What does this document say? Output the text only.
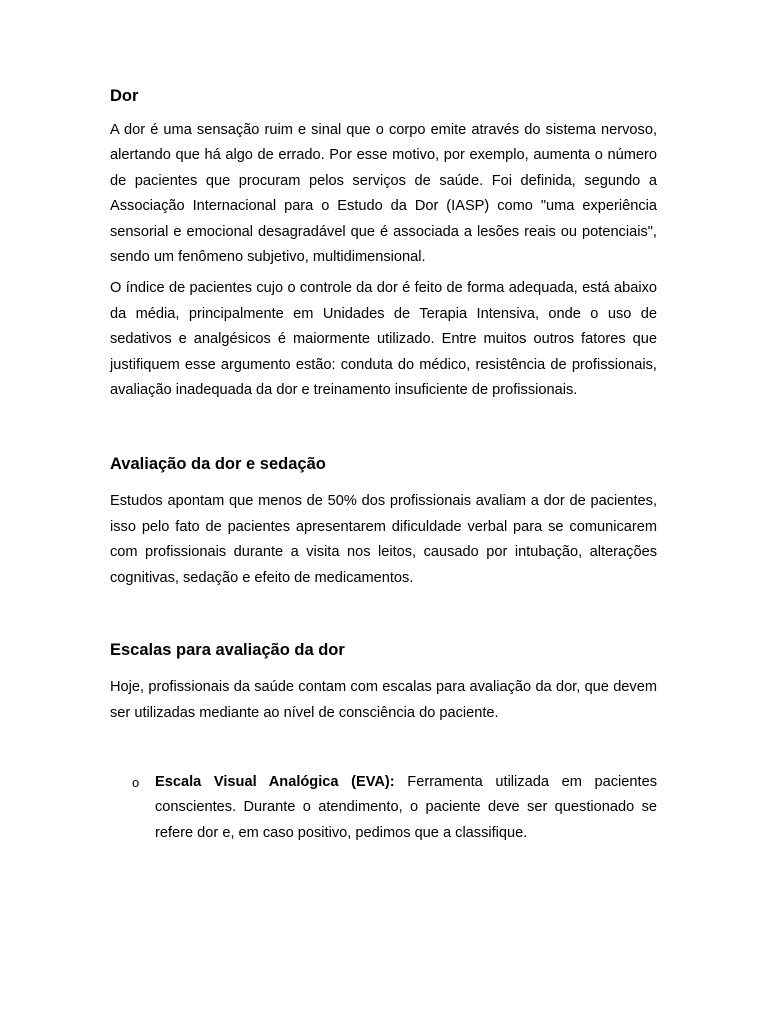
Dor

A dor é uma sensação ruim e sinal que o corpo emite através do sistema nervoso, alertando que há algo de errado. Por esse motivo, por exemplo, aumenta o número de pacientes que procuram pelos serviços de saúde. Foi definida, segundo a Associação Internacional para o Estudo da Dor (IASP) como "uma experiência sensorial e emocional desagradável que é associada a lesões reais ou potenciais", sendo um fenômeno subjetivo, multidimensional.

O índice de pacientes cujo o controle da dor é feito de forma adequada, está abaixo da média, principalmente em Unidades de Terapia Intensiva, onde o uso de sedativos e analgésicos é maiormente utilizado. Entre muitos outros fatores que justifiquem esse argumento estão: conduta do médico, resistência de profissionais, avaliação inadequada da dor e treinamento insuficiente de profissionais.

Avaliação da dor e sedação

Estudos apontam que menos de 50% dos profissionais avaliam a dor de pacientes, isso pelo fato de pacientes apresentarem dificuldade verbal para se comunicarem com profissionais durante a visita nos leitos, causado por intubação, alterações cognitivas, sedação e efeito de medicamentos.

Escalas para avaliação da dor

Hoje, profissionais da saúde contam com escalas para avaliação da dor, que devem ser utilizadas mediante ao nível de consciência do paciente.

o Escala Visual Analógica (EVA): Ferramenta utilizada em pacientes conscientes. Durante o atendimento, o paciente deve ser questionado se refere dor e, em caso positivo, pedimos que a classifique.
